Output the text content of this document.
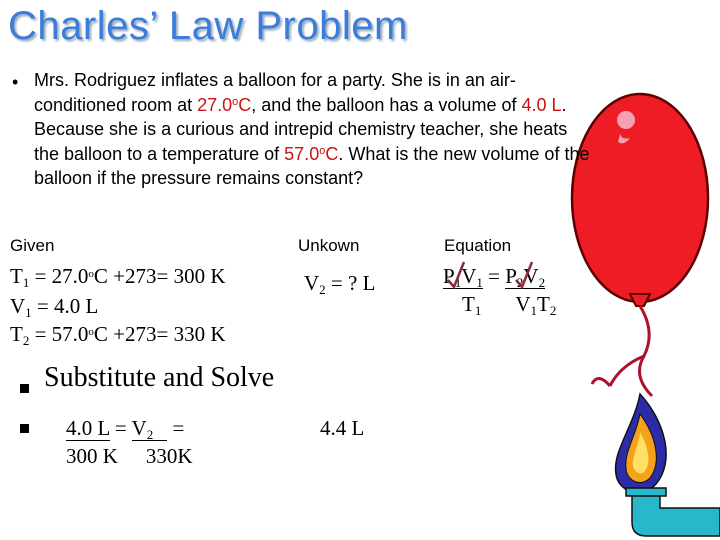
Charles’ Law Problem
• Mrs. Rodriguez inflates a balloon for a party. She is in an air-conditioned room at 27.0$^o$C, and the balloon has a volume of 4.0 L. Because she is a curious and intrepid chemistry teacher, she heats the balloon to a temperature of 57.0$^o$C. What is the new volume of the balloon if the pressure remains constant?
Given	Unkown	Equation
$T_1 = 27.0^oC +273= 300$ K
$V_1 = 4.0$ L
$T_2 = 57.0^oC +273= 330$ K
$V_2$ = ? L	$P_1V_1 = P_2V_2$
$T_1$ $V_1T_2$
Substitute and Solve
4.0 $L = V_2$ =
300 K 330K
4.4 L
